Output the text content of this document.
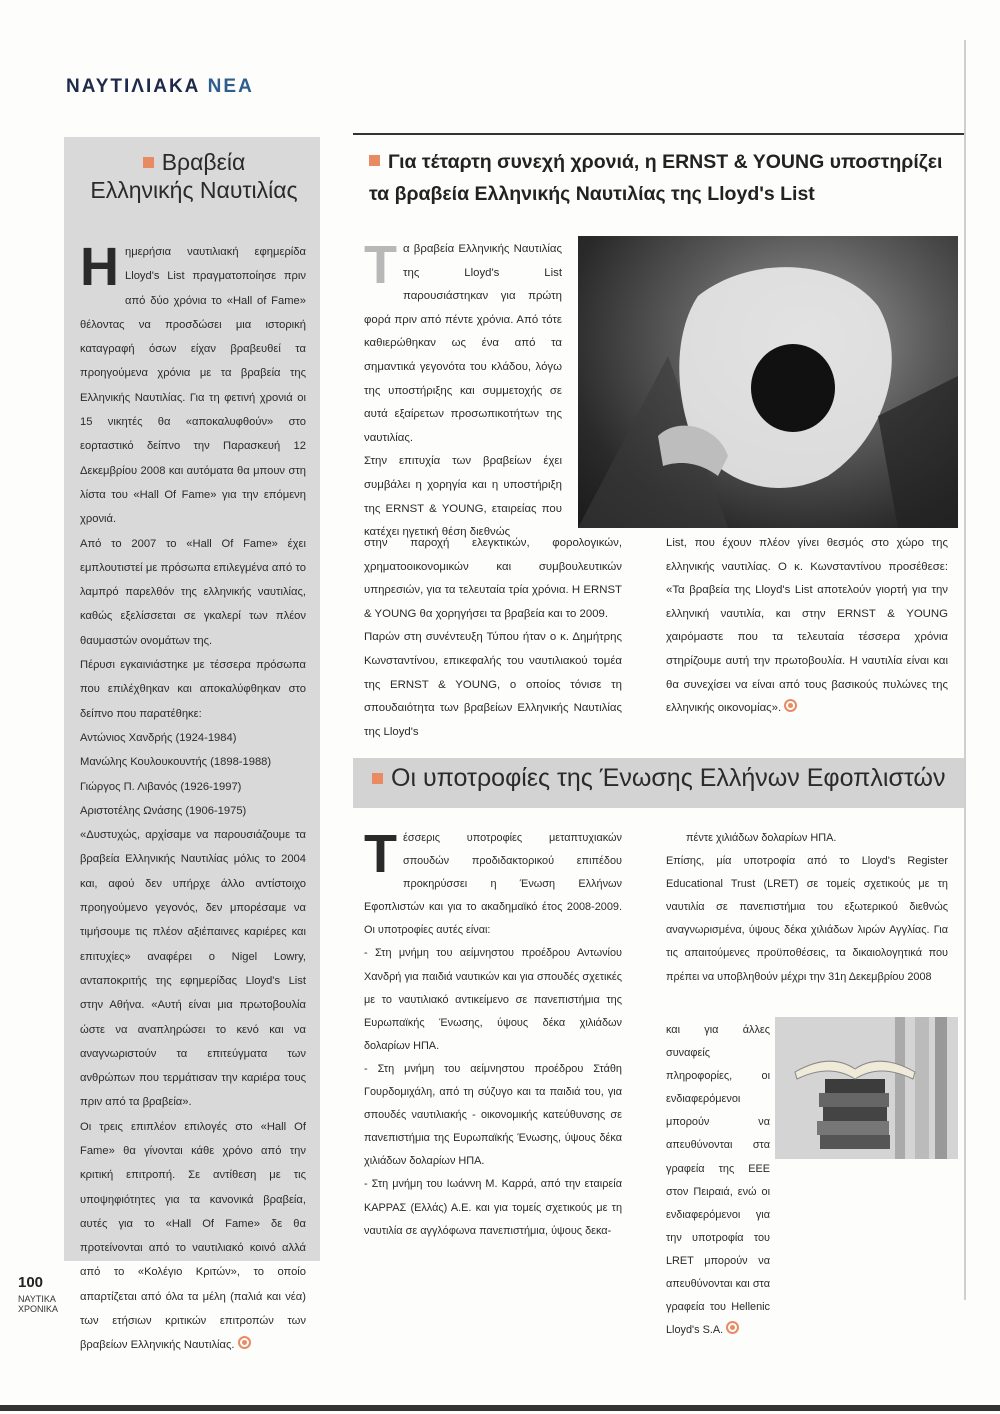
ΝΑΥΤΙΛΙΑΚΑ ΝΕΑ
Βραβεία
Ελληνικής Ναυτιλίας

Ηημερήσια ναυτιλιακή εφημερίδα Lloyd's List πραγματοποίησε πριν από δύο χρόνια το «Hall of Fame» θέλοντας να προσδώσει μια ιστορική καταγραφή όσων είχαν βραβευθεί τα προηγούμενα χρόνια με τα βραβεία της Ελληνικής Ναυτιλίας. Για τη φετινή χρονιά οι 15 νικητές θα «αποκαλυφθούν» στο εορταστικό δείπνο την Παρασκευή 12 Δεκεμβρίου 2008 και αυτόματα θα μπουν στη λίστα του «Hall Of Fame» για την επόμενη χρονιά.

Από το 2007 το «Hall Of Fame» έχει εμπλουτιστεί με πρόσωπα επιλεγμένα από το λαμπρό παρελθόν της ελληνικής ναυτιλίας, καθώς εξελίσσεται σε γκαλερί των πλέον θαυμαστών ονομάτων της.

Πέρυσι εγκαινιάστηκε με τέσσερα πρόσωπα που επιλέχθηκαν και αποκαλύφθηκαν στο δείπνο που παρατέθηκε:

Αντώνιος Χανδρής (1924-1984)

Μανώλης Κουλουκουντής (1898-1988)

Γιώργος Π. Λιβανός (1926-1997)

Αριστοτέλης Ωνάσης (1906-1975)

«Δυστυχώς, αρχίσαμε να παρουσιάζουμε τα βραβεία Ελληνικής Ναυτιλίας μόλις το 2004 και, αφού δεν υπήρχε άλλο αντίστοιχο προηγούμενο γεγονός, δεν μπορέσαμε να τιμήσουμε τις πλέον αξιέπαινες καριέρες και επιτυχίες» αναφέρει ο Nigel Lowry, ανταποκριτής της εφημερίδας Lloyd's List στην Αθήνα. «Αυτή είναι μια πρωτοβουλία ώστε να αναπληρώσει το κενό και να αναγνωριστούν τα επιτεύγματα των ανθρώπων που τερμάτισαν την καριέρα τους πριν από τα βραβεία».

Οι τρεις επιπλέον επιλογές στο «Hall Of Fame» θα γίνονται κάθε χρόνο από την κριτική επιτροπή. Σε αντίθεση με τις υποψηφιότητες για τα κανονικά βραβεία, αυτές για το «Hall Of Fame» δε θα προτείνονται από το ναυτιλιακό κοινό αλλά από το «Κολέγιο Κριτών», το οποίο απαρτίζεται από όλα τα μέλη (παλιά και νέα) των ετήσιων κριτικών επιτροπών των βραβείων Ελληνικής Ναυτιλίας.

Για τέταρτη συνεχή χρονιά, η ERNST & YOUNG υποστηρίζει
τα βραβεία Ελληνικής Ναυτιλίας της Lloyd's List

Τα βραβεία Ελληνικής Ναυτιλίας της Lloyd's List παρουσιάστηκαν για πρώτη φορά πριν από πέντε χρόνια. Από τότε καθιερώθηκαν ως ένα από τα σημαντικά γεγονότα του κλάδου, λόγω της υποστήριξης και συμμετοχής σε αυτά εξαίρετων προσωπικοτήτων της ναυτιλίας.

Στην επιτυχία των βραβείων έχει συμβάλει η χορηγία και η υποστήριξη της ERNST & YOUNG, εταιρείας που κατέχει ηγετική θέση διεθνώς

στην παροχή ελεγκτικών, φορολογικών, χρηματοοικονομικών και συμβουλευτικών υπηρεσιών, για τα τελευταία τρία χρόνια. Η ERNST & YOUNG θα χορηγήσει τα βραβεία και το 2009.

Παρών στη συνέντευξη Τύπου ήταν ο κ. Δημήτρης Κωνσταντίνου, επικεφαλής του ναυτιλιακού τομέα της ERNST & YOUNG, ο οποίος τόνισε τη σπουδαιότητα των βραβείων Ελληνικής Ναυτιλίας της Lloyd's

List, που έχουν πλέον γίνει θεσμός στο χώρο της ελληνικής ναυτιλίας. Ο κ. Κωνσταντίνου προσέθεσε: «Τα βραβεία της Lloyd's List αποτελούν γιορτή για την ελληνική ναυτιλία, και στην ERNST & YOUNG χαιρόμαστε που τα τελευταία τέσσερα χρόνια στηρίζουμε αυτή την πρωτοβουλία. Η ναυτιλία είναι και θα συνεχίσει να είναι από τους βασικούς πυλώνες της ελληνικής οικονομίας».

Οι υποτροφίες της Ένωσης Ελλήνων Εφοπλιστών

Τέσσερις υποτροφίες μεταπτυχιακών σπουδών προδιδακτορικού επιπέδου προκηρύσσει η Ένωση Ελλήνων Εφοπλιστών και για το ακαδημαϊκό έτος 2008-2009. Οι υποτροφίες αυτές είναι:

- Στη μνήμη του αείμνηστου προέδρου Αντωνίου Χανδρή για παιδιά ναυτικών και για σπουδές σχετικές με το ναυτιλιακό αντικείμενο σε πανεπιστήμια της Ευρωπαϊκής Ένωσης, ύψους δέκα χιλιάδων δολαρίων ΗΠΑ.

- Στη μνήμη του αείμνηστου προέδρου Στάθη Γουρδομιχάλη, από τη σύζυγο και τα παιδιά του, για σπουδές ναυτιλιακής - οικονομικής κατεύθυνσης σε πανεπιστήμια της Ευρωπαϊκής Ένωσης, ύψους δέκα χιλιάδων δολαρίων ΗΠΑ.

- Στη μνήμη του Ιωάννη Μ. Καρρά, από την εταιρεία ΚΑΡΡΑΣ (Ελλάς) Α.Ε. και για τομείς σχετικούς με τη ναυτιλία σε αγγλόφωνα πανεπιστήμια, ύψους δεκα-

πέντε χιλιάδων δολαρίων ΗΠΑ.

Επίσης, μία υποτροφία από το Lloyd's Register Educational Trust (LRET) σε τομείς σχετικούς με τη ναυτιλία σε πανεπιστήμια του εξωτερικού διεθνώς αναγνωρισμένα, ύψους δέκα χιλιάδων λιρών Αγγλίας. Για τις απαιτούμενες προϋποθέσεις, τα δικαιολογητικά που πρέπει να υποβληθούν μέχρι την 31η Δεκεμβρίου 2008

και για άλλες συναφείς πληροφορίες, οι ενδιαφερόμενοι μπορούν να απευθύνονται στα γραφεία της ΕΕΕ στον Πειραιά, ενώ οι ενδιαφερόμενοι για την υποτροφία του LRET μπορούν να απευθύνονται και στα γραφεία του Hellenic Lloyd's S.A.

100
ΝΑΥΤΙΚΑ
ΧΡΟΝΙΚΑ
